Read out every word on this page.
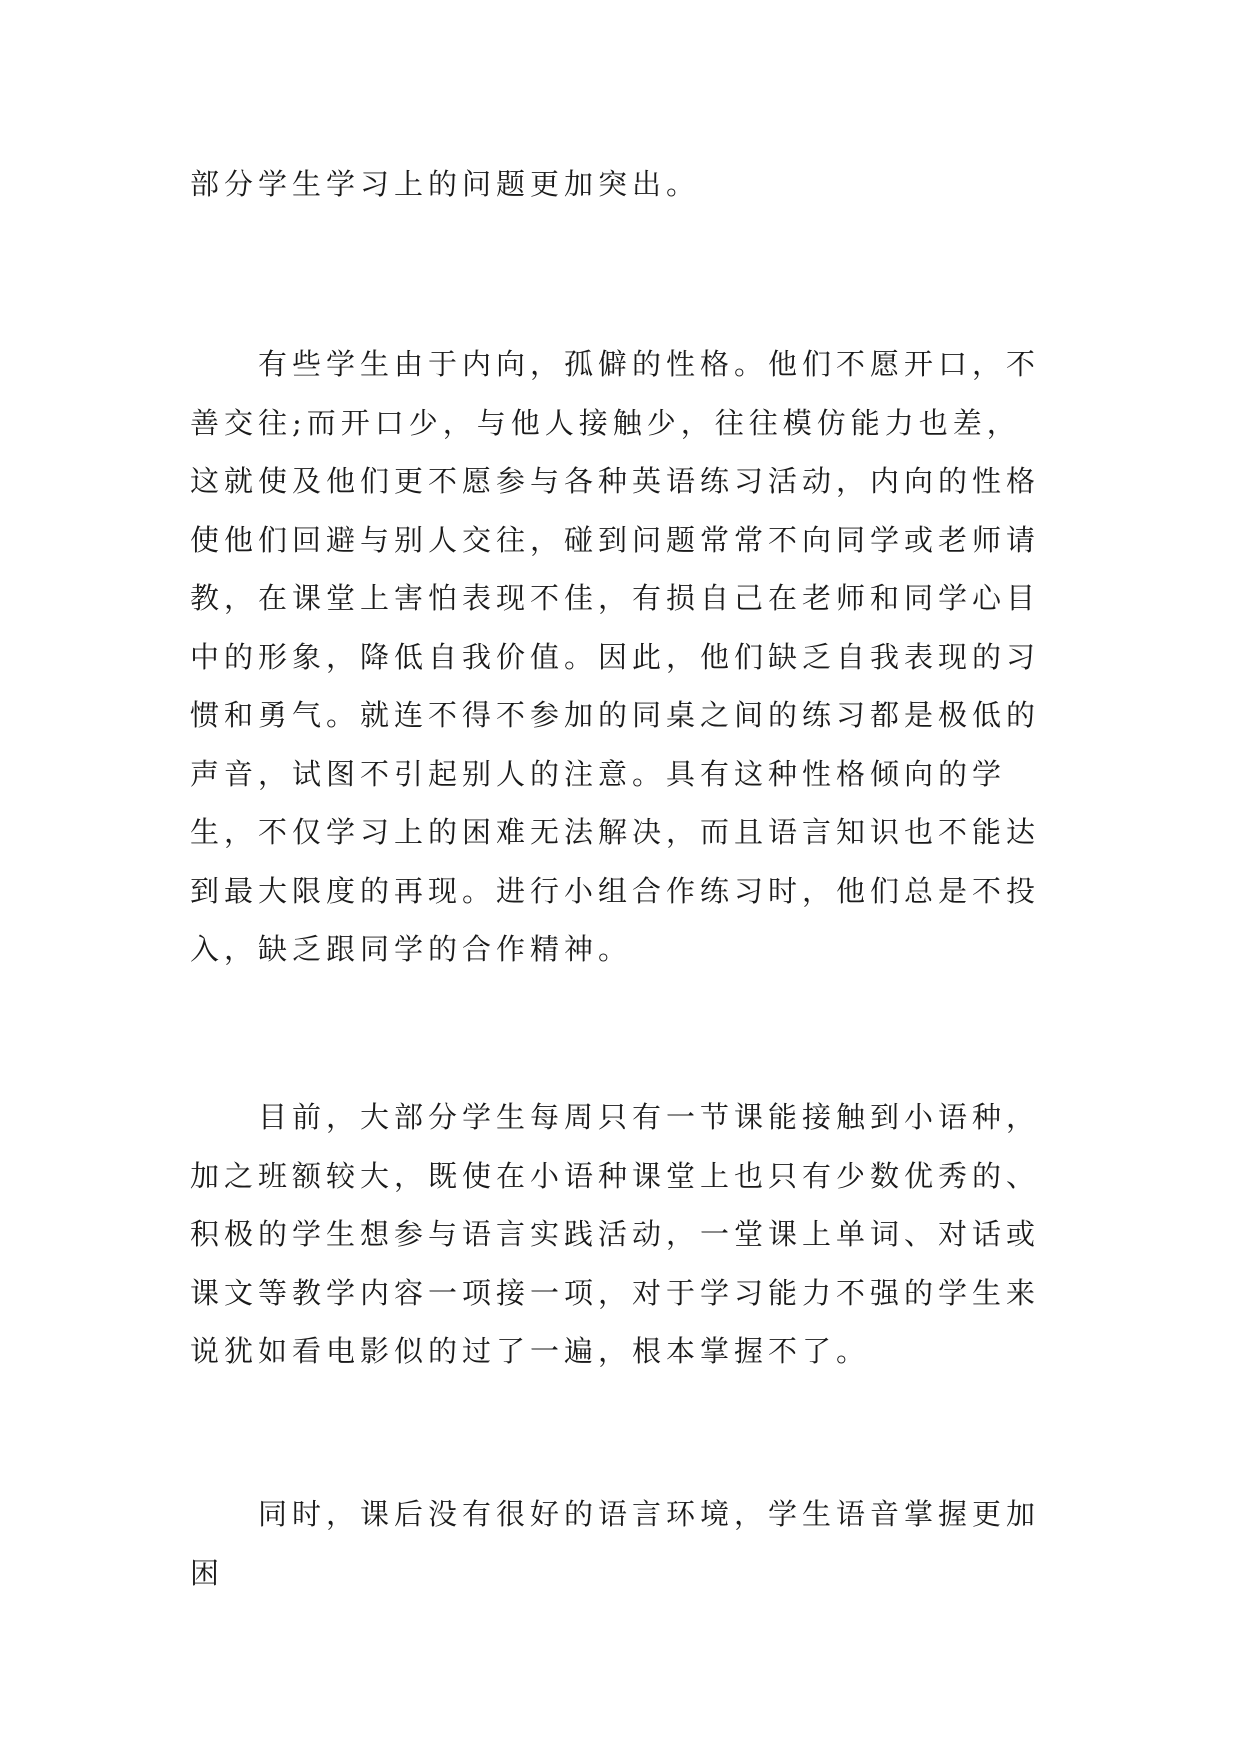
部分学生学习上的问题更加突出。

有些学生由于内向，孤僻的性格。他们不愿开口，不善交往;而开口少，与他人接触少，往往模仿能力也差，这就使及他们更不愿参与各种英语练习活动，内向的性格使他们回避与别人交往，碰到问题常常不向同学或老师请教，在课堂上害怕表现不佳，有损自己在老师和同学心目中的形象，降低自我价值。因此，他们缺乏自我表现的习惯和勇气。就连不得不参加的同桌之间的练习都是极低的声音，试图不引起别人的注意。具有这种性格倾向的学生，不仅学习上的困难无法解决，而且语言知识也不能达到最大限度的再现。进行小组合作练习时，他们总是不投入，缺乏跟同学的合作精神。

目前，大部分学生每周只有一节课能接触到小语种，加之班额较大，既使在小语种课堂上也只有少数优秀的、积极的学生想参与语言实践活动，一堂课上单词、对话或课文等教学内容一项接一项，对于学习能力不强的学生来说犹如看电影似的过了一遍，根本掌握不了。

同时，课后没有很好的语言环境，学生语音掌握更加困
